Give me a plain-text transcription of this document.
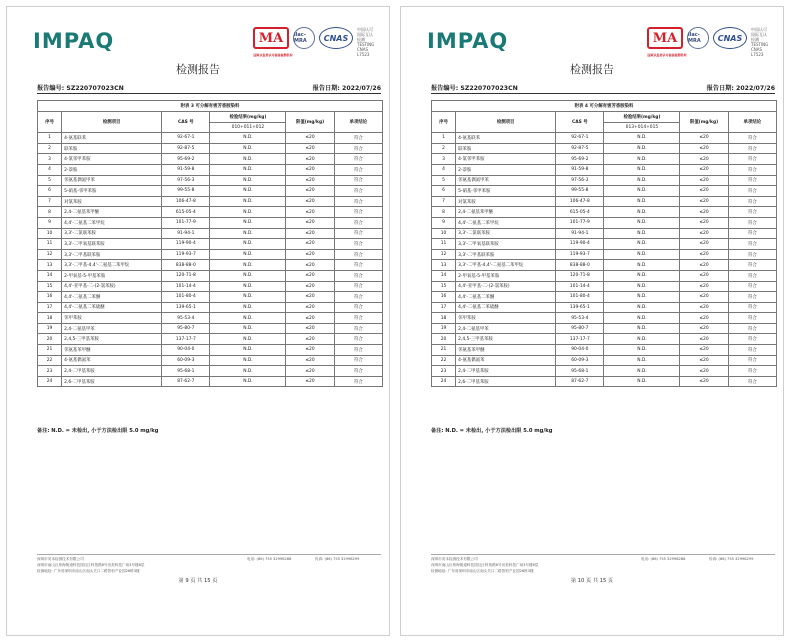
IMPAQ	MA
国家认监委认可检验检测机构
ilac-MRA	CNAS
中国认可
国际互认
检测
TESTING
CNAS L7523
检测报告
报告编号: SZ220707023CN	报告日期: 2022/07/26
附表 3 可分解有害芳香胺染料					
序号	检测项目	CAS 号	检验结果(mg/kg)	限值(mg/kg)	单项结论
			010+011+012		
1	4-氨基联苯	92-67-1	N.D.	≤20	符合
2	联苯胺	92-87-5	N.D.	≤20	符合
3	4-氯邻甲苯胺	95-69-2	N.D.	≤20	符合
4	2-萘胺	91-59-8	N.D.	≤20	符合
5	邻氨基偶氮甲苯	97-56-3	N.D.	≤20	符合
6	5-硝基-邻甲苯胺	99-55-8	N.D.	≤20	符合
7	对氯苯胺	106-47-8	N.D.	≤20	符合
8	2,4-二氨基苯甲醚	615-05-4	N.D.	≤20	符合
9	4,4'-二氨基二苯甲烷	101-77-9	N.D.	≤20	符合
10	3,3'-二氯联苯胺	91-94-1	N.D.	≤20	符合
11	3,3'-二甲氧基联苯胺	119-90-4	N.D.	≤20	符合
12	3,3'-二甲基联苯胺	119-93-7	N.D.	≤20	符合
13	3,3'-二甲基-4,4'-二氨基二苯甲烷	838-88-0	N.D.	≤20	符合
14	2-甲氧基-5-甲基苯胺	120-71-8	N.D.	≤20	符合
15	4,4'-亚甲基-二-(2-氯苯胺)	101-14-4	N.D.	≤20	符合
16	4,4'-二氨基二苯醚	101-80-4	N.D.	≤20	符合
17	4,4'-二氨基二苯硫醚	139-65-1	N.D.	≤20	符合
18	邻甲苯胺	95-53-4	N.D.	≤20	符合
19	2,4-二氨基甲苯	95-80-7	N.D.	≤20	符合
20	2,4,5-三甲基苯胺	137-17-7	N.D.	≤20	符合
21	邻氨基苯甲醚	90-04-0	N.D.	≤20	符合
22	4-氨基偶氮苯	60-09-3	N.D.	≤20	符合
23	2,4-二甲基苯胺	95-68-1	N.D.	≤20	符合
24	2,6-二甲基苯胺	87-62-7	N.D.	≤20	符合
备注: N.D. = 未检出, 小于方法检出限 5.0 mg/kg
深圳市英本检测技术有限公司
深圳市南山区粤海街道科技园社区科苑路8号讯美科技广场3号楼6层
检测地址: 广东省深圳市南山区南头关口二路智恒产业园26栋3楼
电话: (86) 755 32998288	传真: (86) 755 32998299
第 9 页 共 15 页
IMPAQ	MA
国家认监委认可检验检测机构
ilac-MRA	CNAS
中国认可
国际互认
检测
TESTING
CNAS L7523
检测报告
报告编号: SZ220707023CN	报告日期: 2022/07/26
附表 4 可分解有害芳香胺染料					
序号	检测项目	CAS 号	检验结果(mg/kg)	限值(mg/kg)	单项结论
			013+014+015		
1	4-氨基联苯	92-67-1	N.D.	≤20	符合
2	联苯胺	92-87-5	N.D.	≤20	符合
3	4-氯邻甲苯胺	95-69-2	N.D.	≤20	符合
4	2-萘胺	91-59-8	N.D.	≤20	符合
5	邻氨基偶氮甲苯	97-56-3	N.D.	≤20	符合
6	5-硝基-邻甲苯胺	99-55-8	N.D.	≤20	符合
7	对氯苯胺	106-47-8	N.D.	≤20	符合
8	2,4-二氨基苯甲醚	615-05-4	N.D.	≤20	符合
9	4,4'-二氨基二苯甲烷	101-77-9	N.D.	≤20	符合
10	3,3'-二氯联苯胺	91-94-1	N.D.	≤20	符合
11	3,3'-二甲氧基联苯胺	119-90-4	N.D.	≤20	符合
12	3,3'-二甲基联苯胺	119-93-7	N.D.	≤20	符合
13	3,3'-二甲基-4,4'-二氨基二苯甲烷	838-88-0	N.D.	≤20	符合
14	2-甲氧基-5-甲基苯胺	120-71-8	N.D.	≤20	符合
15	4,4'-亚甲基-二-(2-氯苯胺)	101-14-4	N.D.	≤20	符合
16	4,4'-二氨基二苯醚	101-80-4	N.D.	≤20	符合
17	4,4'-二氨基二苯硫醚	139-65-1	N.D.	≤20	符合
18	邻甲苯胺	95-53-4	N.D.	≤20	符合
19	2,4-二氨基甲苯	95-80-7	N.D.	≤20	符合
20	2,4,5-三甲基苯胺	137-17-7	N.D.	≤20	符合
21	邻氨基苯甲醚	90-04-0	N.D.	≤20	符合
22	4-氨基偶氮苯	60-09-3	N.D.	≤20	符合
23	2,4-二甲基苯胺	95-68-1	N.D.	≤20	符合
24	2,6-二甲基苯胺	87-62-7	N.D.	≤20	符合
备注: N.D. = 未检出, 小于方法检出限 5.0 mg/kg
深圳市英本检测技术有限公司
深圳市南山区粤海街道科技园社区科苑路8号讯美科技广场3号楼6层
检测地址: 广东省深圳市南山区南头关口二路智恒产业园26栋3楼
电话: (86) 755 32998288	传真: (86) 755 32998299
第 10 页 共 15 页
